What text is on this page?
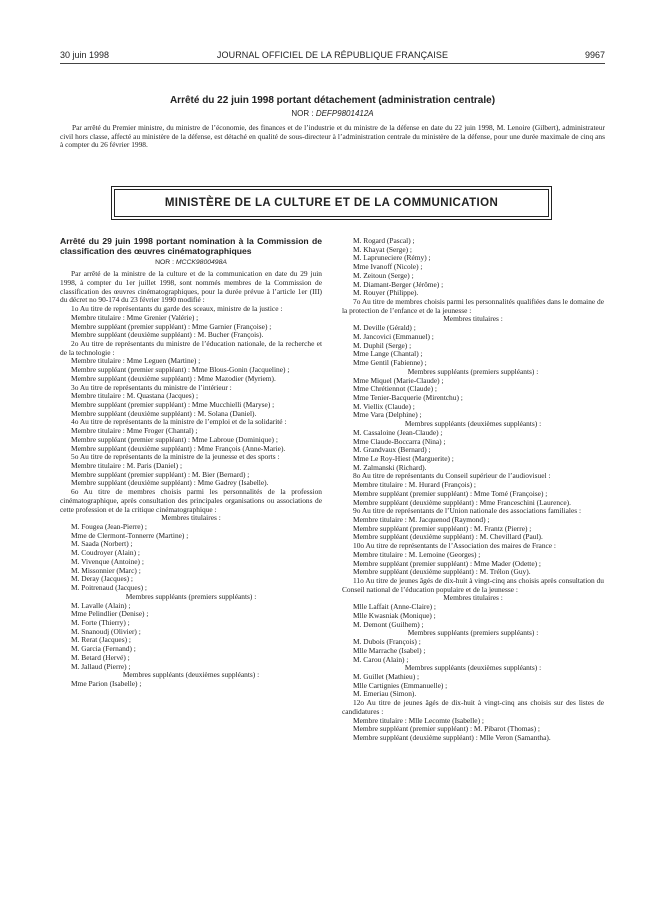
30 juin 1998	JOURNAL OFFICIEL DE LA RÉPUBLIQUE FRANÇAISE	9967
Arrêté du 22 juin 1998 portant détachement (administration centrale)
NOR : DEFP9801412A

Par arrêté du Premier ministre, du ministre de l’économie, des finances et de l’industrie et du ministre de la défense en date du 22 juin 1998, M. Lenoire (Gilbert), administrateur civil hors classe, affecté au ministère de la défense, est détaché en qualité de sous-directeur à l’administration centrale du ministère de la défense, pour une durée maximale de cinq ans à compter du 26 février 1998.

MINISTÈRE DE LA CULTURE ET DE LA COMMUNICATION

Arrêté du 29 juin 1998 portant nomination à la Commission de classification des œuvres cinématographiques

NOR : MCCK9800498A

Par arrêté de la ministre de la culture et de la communication en date du 29 juin 1998, à compter du 1er juillet 1998, sont nommés membres de la Commission de classification des œuvres cinématographiques, pour la durée prévue à l’article 1er (III) du décret no 90-174 du 23 février 1990 modifié :

1o Au titre de représentants du garde des sceaux, ministre de la justice :

Membre titulaire : Mme Grenier (Valérie) ;

Membre suppléant (premier suppléant) : Mme Garnier (Françoise) ;

Membre suppléant (deuxième suppléant) : M. Bucher (François).

2o Au titre de représentants du ministre de l’éducation nationale, de la recherche et de la technologie :

Membre titulaire : Mme Leguen (Martine) ;

Membre suppléant (premier suppléant) : Mme Blous-Gonin (Jacqueline) ;

Membre suppléant (deuxième suppléant) : Mme Mazodier (Myriem).

3o Au titre de représentants du ministre de l’intérieur :

Membre titulaire : M. Quastana (Jacques) ;

Membre suppléant (premier suppléant) : Mme Mucchielli (Maryse) ;

Membre suppléant (deuxième suppléant) : M. Solana (Daniel).

4o Au titre de représentants de la ministre de l’emploi et de la solidarité :

Membre titulaire : Mme Froger (Chantal) ;

Membre suppléant (premier suppléant) : Mme Labroue (Dominique) ;

Membre suppléant (deuxième suppléant) : Mme François (Anne-Marie).

5o Au titre de représentants de la ministre de la jeunesse et des sports :

Membre titulaire : M. Paris (Daniel) ;

Membre suppléant (premier suppléant) : M. Bier (Bernard) ;

Membre suppléant (deuxième suppléant) : Mme Gadrey (Isabelle).

6o Au titre de membres choisis parmi les personnalités de la profession cinématographique, après consultation des principales organisations ou associations de cette profession et de la critique cinématographique :

Membres titulaires :

M. Fougea (Jean-Pierre) ;

Mme de Clermont-Tonnerre (Martine) ;

M. Saada (Norbert) ;

M. Coudroyer (Alain) ;

M. Vivenque (Antoine) ;

M. Missonnier (Marc) ;

M. Deray (Jacques) ;

M. Poitrenaud (Jacques) ;

Membres suppléants (premiers suppléants) :

M. Lavalle (Alain) ;

Mme Pelindlier (Denise) ;

M. Forte (Thierry) ;

M. Snanoudj (Olivier) ;

M. Rerat (Jacques) ;

M. Garcia (Fernand) ;

M. Betard (Hervé) ;

M. Jallaud (Pierre) ;

Membres suppléants (deuxièmes suppléants) :

Mme Parion (Isabelle) ;

M. Rogard (Pascal) ;

M. Khayat (Serge) ;

M. Lapruneciere (Rémy) ;

Mme Ivanoff (Nicole) ;

M. Zeitoun (Serge) ;

M. Diamant-Berger (Jérôme) ;

M. Rouyer (Philippe).

7o Au titre de membres choisis parmi les personnalités qualifiées dans le domaine de la protection de l’enfance et de la jeunesse :

Membres titulaires :

M. Deville (Gérald) ;

M. Jancovici (Emmanuel) ;

M. Duphil (Serge) ;

Mme Lange (Chantal) ;

Mme Gentil (Fabienne) ;

Membres suppléants (premiers suppléants) :

Mme Miquel (Marie-Claude) ;

Mme Chrétiennot (Claude) ;

Mme Tenier-Bacquerie (Mirentchu) ;

M. Viellix (Claude) ;

Mme Vara (Delphine) ;

Membres suppléants (deuxièmes suppléants) :

M. Cassaloine (Jean-Claude) ;

Mme Claude-Boccarra (Nina) ;

M. Grandvaux (Bernard) ;

Mme Le Roy-Hiest (Marguerite) ;

M. Zalmanski (Richard).

8o Au titre de représentants du Conseil supérieur de l’audiovisuel :

Membre titulaire : M. Hurard (François) ;

Membre suppléant (premier suppléant) : Mme Tomé (Françoise) ;

Membre suppléant (deuxième suppléant) : Mme Franceschini (Laurence).

9o Au titre de représentants de l’Union nationale des associations familiales :

Membre titulaire : M. Jacquenod (Raymond) ;

Membre suppléant (premier suppléant) : M. Frantz (Pierre) ;

Membre suppléant (deuxième suppléant) : M. Chevillard (Paul).

10o Au titre de représentants de l’Association des maires de France :

Membre titulaire : M. Lemoine (Georges) ;

Membre suppléant (premier suppléant) : Mme Mader (Odette) ;

Membre suppléant (deuxième suppléant) : M. Trélon (Guy).

11o Au titre de jeunes âgés de dix-huit à vingt-cinq ans choisis après consultation du Conseil national de l’éducation populaire et de la jeunesse :

Membres titulaires :

Mlle Laffait (Anne-Claire) ;

Mlle Kwasniak (Monique) ;

M. Demont (Guilhem) ;

Membres suppléants (premiers suppléants) :

M. Dubois (François) ;

Mlle Marrache (Isabel) ;

M. Carou (Alain) ;

Membres suppléants (deuxièmes suppléants) :

M. Guillet (Mathieu) ;

Mlle Cartignies (Emmanuelle) ;

M. Emeriau (Simon).

12o Au titre de jeunes âgés de dix-huit à vingt-cinq ans choisis sur des listes de candidatures :

Membre titulaire : Mlle Lecomte (Isabelle) ;

Membre suppléant (premier suppléant) : M. Pibarot (Thomas) ;

Membre suppléant (deuxième suppléant) : Mlle Veron (Samantha).
